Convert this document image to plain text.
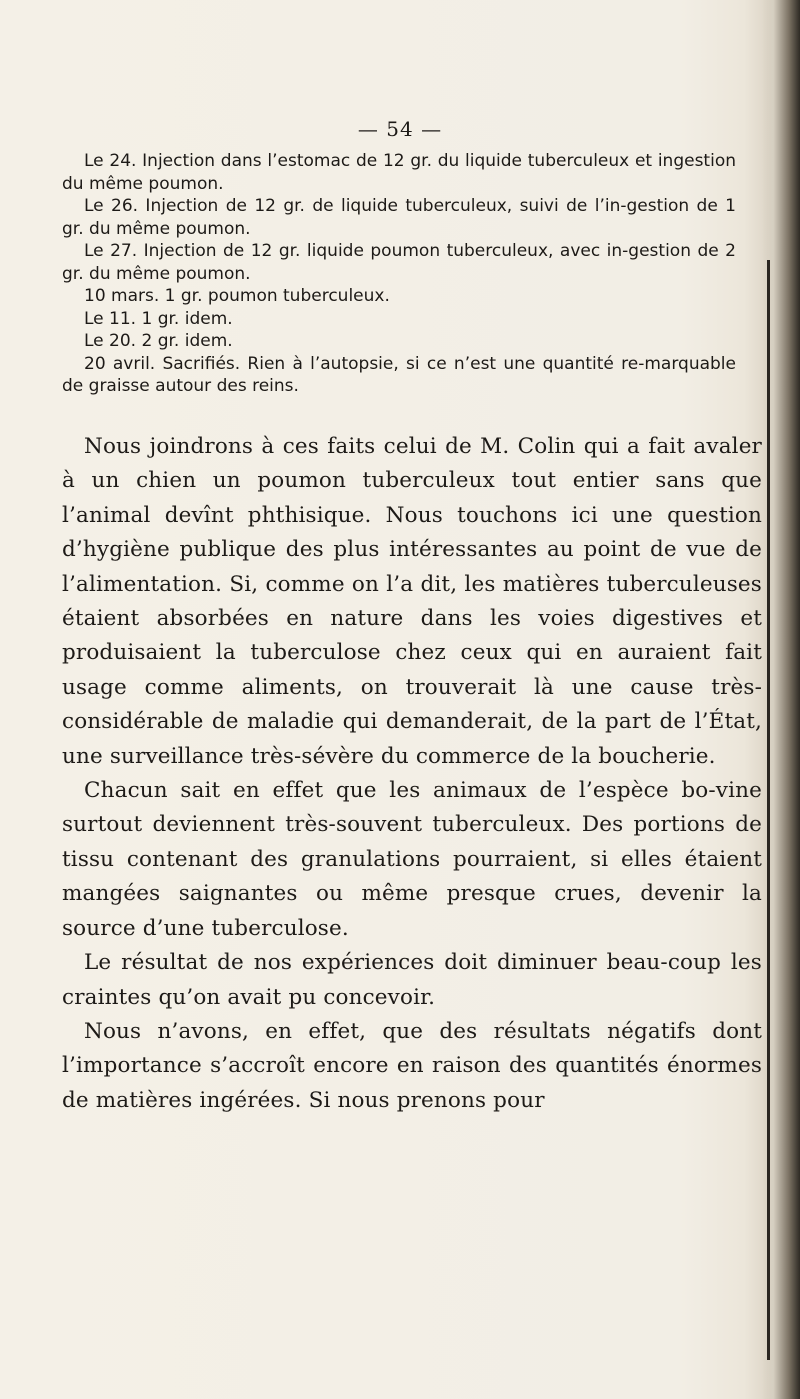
— 54 —

Le 24. Injection dans l’estomac de 12 gr. du liquide tuberculeux et ingestion du même poumon.

Le 26. Injection de 12 gr. de liquide tuberculeux, suivi de l’in-gestion de 1 gr. du même poumon.

Le 27. Injection de 12 gr. liquide poumon tuberculeux, avec in-gestion de 2 gr. du même poumon.

10 mars. 1 gr. poumon tuberculeux.

Le 11. 1 gr. idem.

Le 20. 2 gr. idem.

20 avril. Sacrifiés. Rien à l’autopsie, si ce n’est une quantité re-marquable de graisse autour des reins.

Nous joindrons à ces faits celui de M. Colin qui a fait avaler à un chien un poumon tuberculeux tout entier sans que l’animal devînt phthisique. Nous touchons ici une question d’hygiène publique des plus intéressantes au point de vue de l’alimentation. Si, comme on l’a dit, les matières tuberculeuses étaient absorbées en nature dans les voies digestives et produisaient la tuberculose chez ceux qui en auraient fait usage comme aliments, on trouverait là une cause très-considérable de maladie qui demanderait, de la part de l’État, une surveillance très-sévère du commerce de la boucherie.

Chacun sait en effet que les animaux de l’espèce bo-vine surtout deviennent très-souvent tuberculeux. Des portions de tissu contenant des granulations pourraient, si elles étaient mangées saignantes ou même presque crues, devenir la source d’une tuberculose.

Le résultat de nos expériences doit diminuer beau-coup les craintes qu’on avait pu concevoir.

Nous n’avons, en effet, que des résultats négatifs dont l’importance s’accroît encore en raison des quantités énormes de matières ingérées. Si nous prenons pour
